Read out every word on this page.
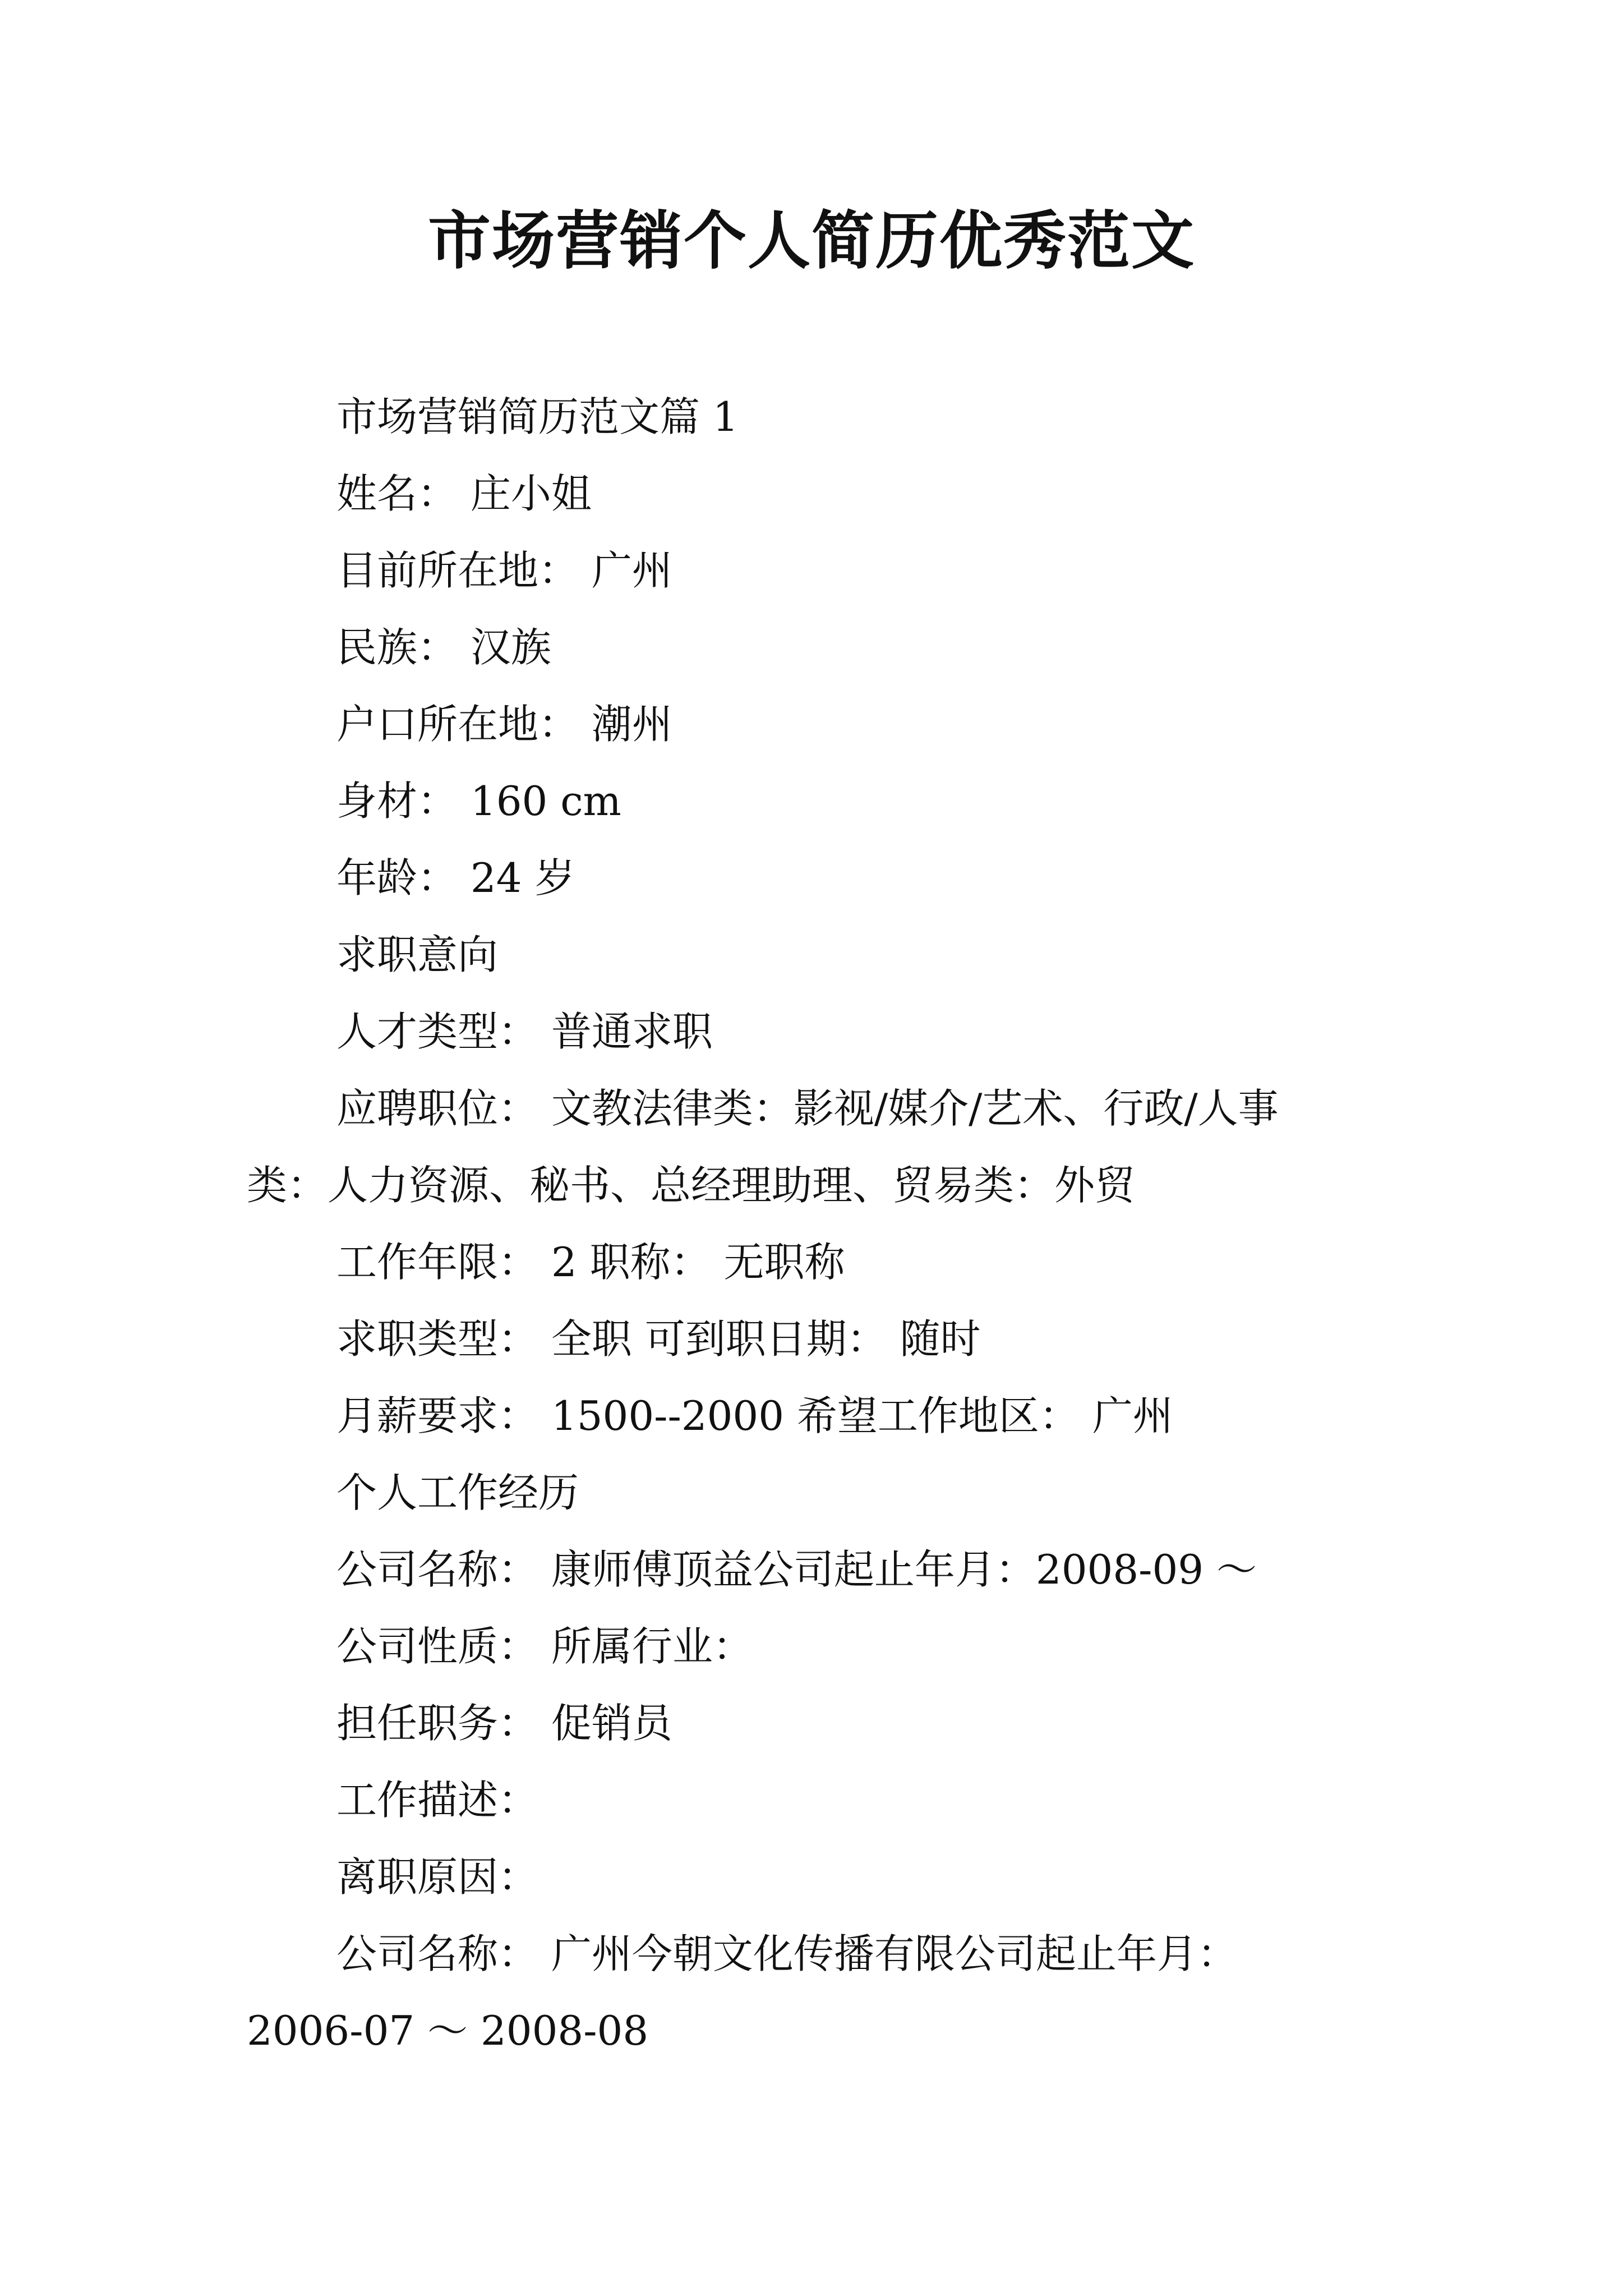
市场营销个人简历优秀范文
市场营销简历范文篇 1
姓名： 庄小姐
目前所在地： 广州
民族： 汉族
户口所在地： 潮州
身材： 160 cm
年龄： 24 岁
求职意向
人才类型： 普通求职
应聘职位： 文教法律类：影视/媒介/艺术、行政/人事
类：人力资源、秘书、总经理助理、贸易类：外贸
工作年限： 2 职称： 无职称
求职类型： 全职 可到职日期： 随时
月薪要求： 1500--2000 希望工作地区： 广州
个人工作经历
公司名称： 康师傅顶益公司起止年月：2008-09 ～
公司性质： 所属行业：
担任职务： 促销员
工作描述：
离职原因：
公司名称： 广州今朝文化传播有限公司起止年月：
2006-07 ～ 2008-08
